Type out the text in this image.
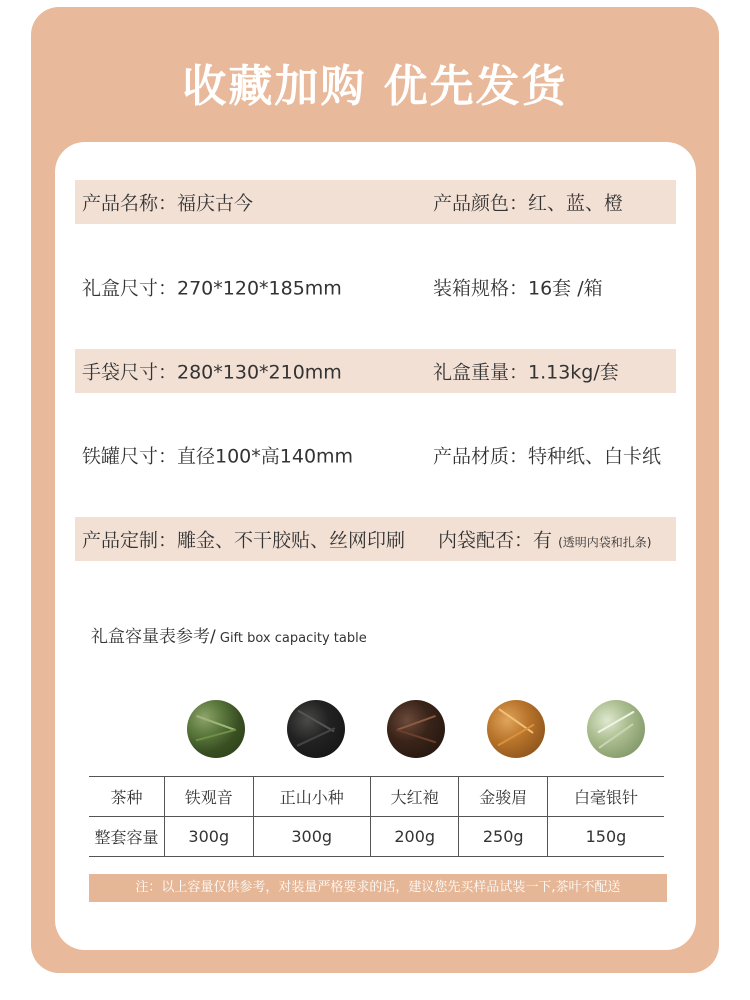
收藏加购 优先发货
产品名称：福庆古今	产品颜色：红、蓝、橙
礼盒尺寸：270*120*185mm	装箱规格：16套 /箱
手袋尺寸：280*130*210mm	礼盒重量：1.13kg/套
铁罐尺寸：直径100*高140mm	产品材质：特种纸、白卡纸
产品定制：雕金、不干胶贴、丝网印刷 内袋配否：有 (透明内袋和扎条)
礼盒容量表参考/ Gift box capacity table
茶种	铁观音	正山小种	大红袍	金骏眉	白毫银针
整套容量	300g	300g	200g	250g	150g
注：以上容量仅供参考，对装量严格要求的话，建议您先买样品试装一下,茶叶不配送
